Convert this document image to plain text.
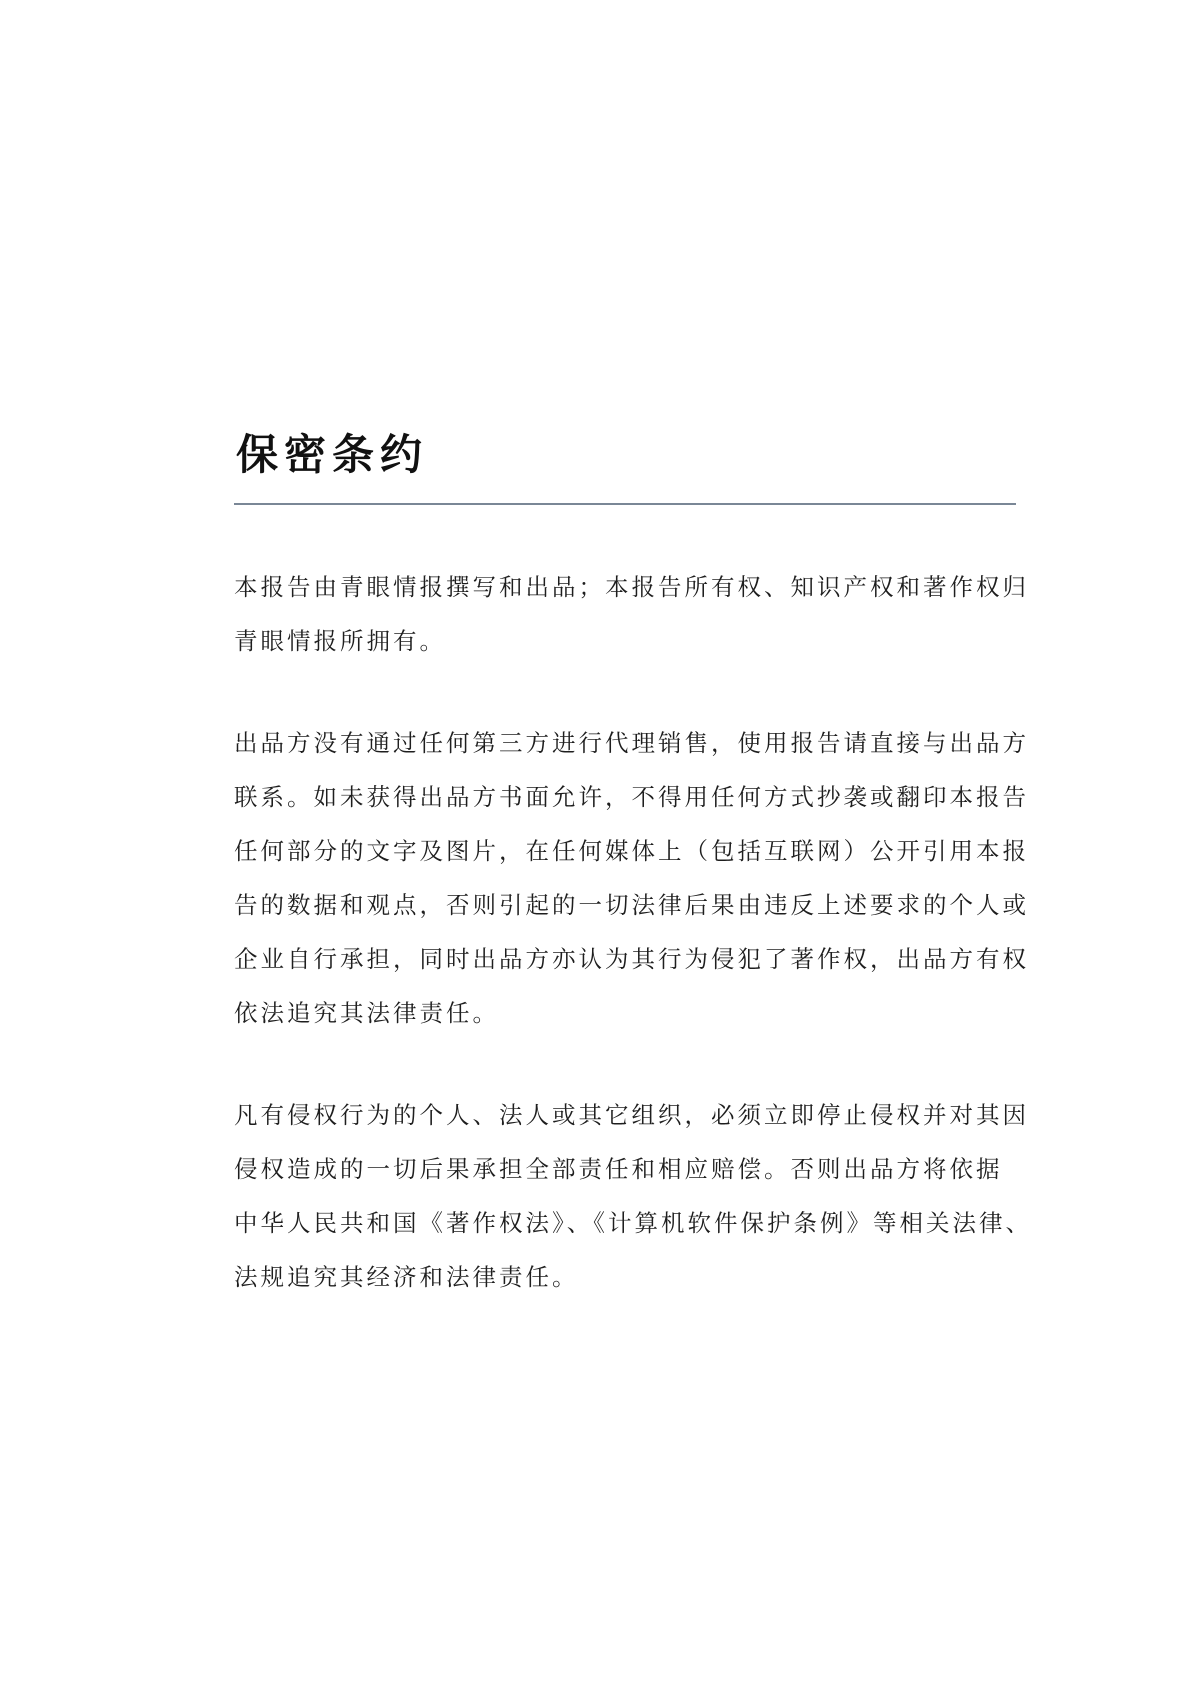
保密条约

本报告由青眼情报撰写和出品；本报告所有权、知识产权和著作权归
青眼情报所拥有。

出品方没有通过任何第三方进行代理销售，使用报告请直接与出品方
联系。如未获得出品方书面允许，不得用任何方式抄袭或翻印本报告
任何部分的文字及图片，在任何媒体上（包括互联网）公开引用本报
告的数据和观点，否则引起的一切法律后果由违反上述要求的个人或
企业自行承担，同时出品方亦认为其行为侵犯了著作权，出品方有权
依法追究其法律责任。

凡有侵权行为的个人、法人或其它组织，必须立即停止侵权并对其因
侵权造成的一切后果承担全部责任和相应赔偿。否则出品方将依据
中华人民共和国《著作权法》、《计算机软件保护条例》等相关法律、
法规追究其经济和法律责任。
